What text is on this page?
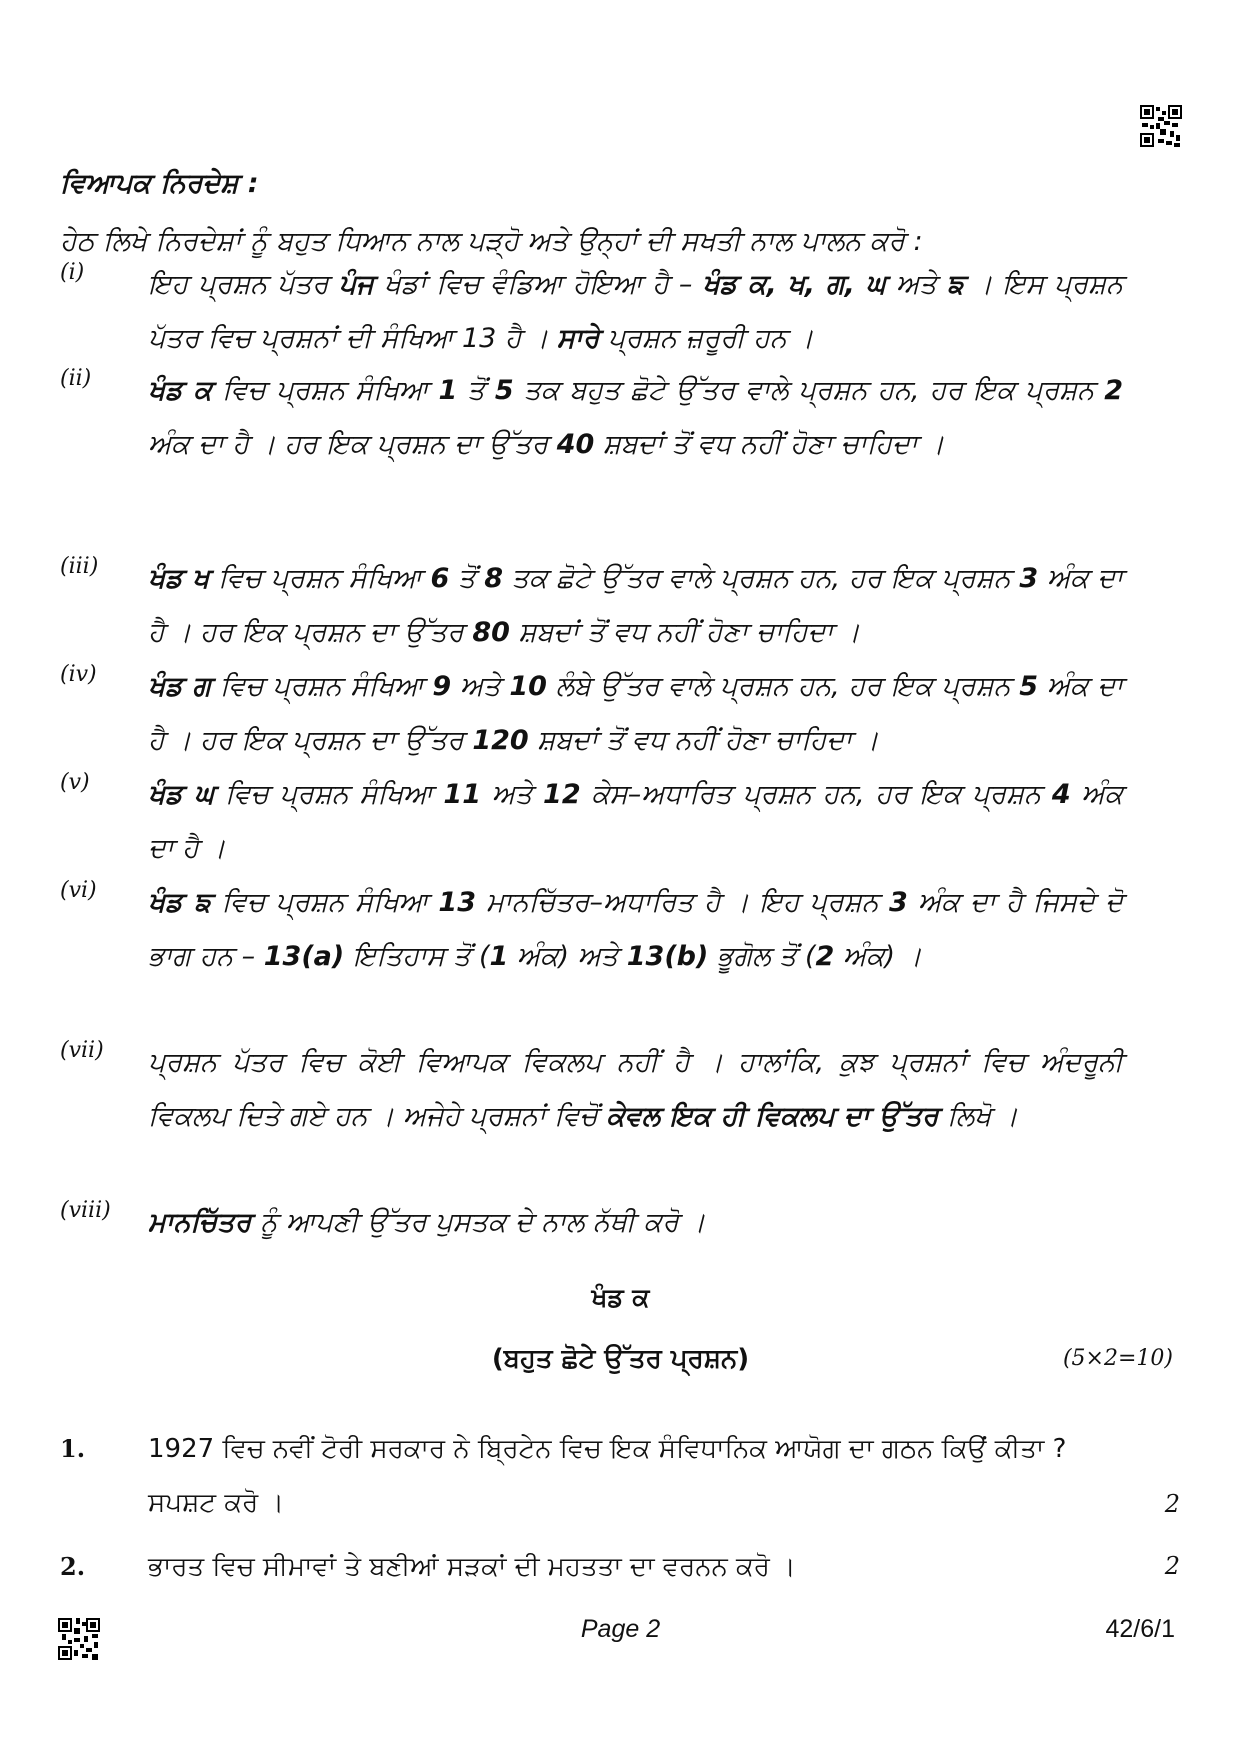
ਵਿਆਪਕ ਨਿਰਦੇਸ਼ :
ਹੇਠ ਲਿਖੇ ਨਿਰਦੇਸ਼ਾਂ ਨੂੰ ਬਹੁਤ ਧਿਆਨ ਨਾਲ ਪੜ੍ਹੋ ਅਤੇ ਉਨ੍ਹਾਂ ਦੀ ਸਖਤੀ ਨਾਲ ਪਾਲਨ ਕਰੋ :
(i)	ਇਹ ਪ੍ਰਸ਼ਨ ਪੱਤਰ ਪੰਜ ਖੰਡਾਂ ਵਿਚ ਵੰਡਿਆ ਹੋਇਆ ਹੈ – ਖੰਡ ਕ, ਖ, ਗ, ਘ ਅਤੇ ਙ । ਇਸ ਪ੍ਰਸ਼ਨ ਪੱਤਰ ਵਿਚ ਪ੍ਰਸ਼ਨਾਂ ਦੀ ਸੰਖਿਆ 13 ਹੈ । ਸਾਰੇ ਪ੍ਰਸ਼ਨ ਜ਼ਰੂਰੀ ਹਨ ।
(ii)	ਖੰਡ ਕ ਵਿਚ ਪ੍ਰਸ਼ਨ ਸੰਖਿਆ 1 ਤੋਂ 5 ਤਕ ਬਹੁਤ ਛੋਟੇ ਉੱਤਰ ਵਾਲੇ ਪ੍ਰਸ਼ਨ ਹਨ, ਹਰ ਇਕ ਪ੍ਰਸ਼ਨ 2 ਅੰਕ ਦਾ ਹੈ । ਹਰ ਇਕ ਪ੍ਰਸ਼ਨ ਦਾ ਉੱਤਰ 40 ਸ਼ਬਦਾਂ ਤੋਂ ਵਧ ਨਹੀਂ ਹੋਣਾ ਚਾਹਿਦਾ ।
(iii)	ਖੰਡ ਖ ਵਿਚ ਪ੍ਰਸ਼ਨ ਸੰਖਿਆ 6 ਤੋਂ 8 ਤਕ ਛੋਟੇ ਉੱਤਰ ਵਾਲੇ ਪ੍ਰਸ਼ਨ ਹਨ, ਹਰ ਇਕ ਪ੍ਰਸ਼ਨ 3 ਅੰਕ ਦਾ ਹੈ । ਹਰ ਇਕ ਪ੍ਰਸ਼ਨ ਦਾ ਉੱਤਰ 80 ਸ਼ਬਦਾਂ ਤੋਂ ਵਧ ਨਹੀਂ ਹੋਣਾ ਚਾਹਿਦਾ ।
(iv)	ਖੰਡ ਗ ਵਿਚ ਪ੍ਰਸ਼ਨ ਸੰਖਿਆ 9 ਅਤੇ 10 ਲੰਬੇ ਉੱਤਰ ਵਾਲੇ ਪ੍ਰਸ਼ਨ ਹਨ, ਹਰ ਇਕ ਪ੍ਰਸ਼ਨ 5 ਅੰਕ ਦਾ ਹੈ । ਹਰ ਇਕ ਪ੍ਰਸ਼ਨ ਦਾ ਉੱਤਰ 120 ਸ਼ਬਦਾਂ ਤੋਂ ਵਧ ਨਹੀਂ ਹੋਣਾ ਚਾਹਿਦਾ ।
(v)	ਖੰਡ ਘ ਵਿਚ ਪ੍ਰਸ਼ਨ ਸੰਖਿਆ 11 ਅਤੇ 12 ਕੇਸ–ਅਧਾਰਿਤ ਪ੍ਰਸ਼ਨ ਹਨ, ਹਰ ਇਕ ਪ੍ਰਸ਼ਨ 4 ਅੰਕ ਦਾ ਹੈ ।
(vi)	ਖੰਡ ਙ ਵਿਚ ਪ੍ਰਸ਼ਨ ਸੰਖਿਆ 13 ਮਾਨਚਿੱਤਰ–ਅਧਾਰਿਤ ਹੈ । ਇਹ ਪ੍ਰਸ਼ਨ 3 ਅੰਕ ਦਾ ਹੈ ਜਿਸਦੇ ਦੋ ਭਾਗ ਹਨ – 13(a) ਇਤਿਹਾਸ ਤੋਂ (1 ਅੰਕ) ਅਤੇ 13(b) ਭੂਗੋਲ ਤੋਂ (2 ਅੰਕ) ।
(vii)	ਪ੍ਰਸ਼ਨ ਪੱਤਰ ਵਿਚ ਕੋਈ ਵਿਆਪਕ ਵਿਕਲਪ ਨਹੀਂ ਹੈ । ਹਾਲਾਂਕਿ, ਕੁਝ ਪ੍ਰਸ਼ਨਾਂ ਵਿਚ ਅੰਦਰੂਨੀ ਵਿਕਲਪ ਦਿਤੇ ਗਏ ਹਨ । ਅਜੇਹੇ ਪ੍ਰਸ਼ਨਾਂ ਵਿਚੋਂ ਕੇਵਲ ਇਕ ਹੀ ਵਿਕਲਪ ਦਾ ਉੱਤਰ ਲਿਖੋ ।
(viii)	ਮਾਨਚਿੱਤਰ ਨੂੰ ਆਪਣੀ ਉੱਤਰ ਪੁਸਤਕ ਦੇ ਨਾਲ ਨੱਥੀ ਕਰੋ ।
ਖੰਡ ਕ
(ਬਹੁਤ ਛੋਟੇ ਉੱਤਰ ਪ੍ਰਸ਼ਨ)	(5×2=10)
1. 1927 ਵਿਚ ਨਵੀਂ ਟੋਰੀ ਸਰਕਾਰ ਨੇ ਬ੍ਰਿਟੇਨ ਵਿਚ ਇਕ ਸੰਵਿਧਾਨਿਕ ਆਯੋਗ ਦਾ ਗਠਨ ਕਿਉਂ ਕੀਤਾ ? ਸਪਸ਼ਟ ਕਰੋ ।	2
2. ਭਾਰਤ ਵਿਚ ਸੀਮਾਵਾਂ ਤੇ ਬਣੀਆਂ ਸੜਕਾਂ ਦੀ ਮਹਤਤਾ ਦਾ ਵਰਨਨ ਕਰੋ ।	2
Page 2	42/6/1
